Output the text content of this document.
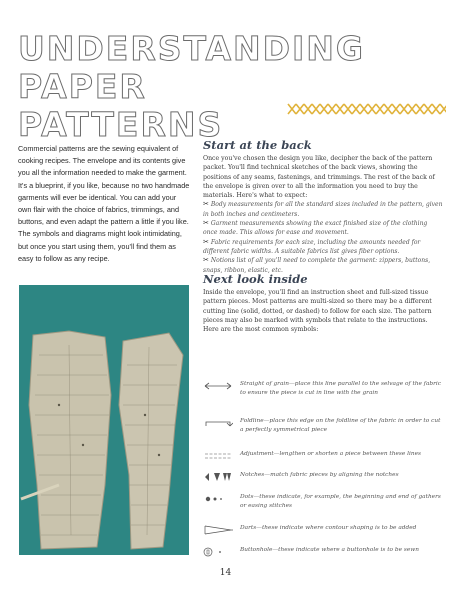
UNDERSTANDING
PAPER PATTERNS

Commercial patterns are the sewing equivalent of cooking recipes. The envelope and its contents give you all the information needed to make the garment. It's a blueprint, if you like, because no two handmade garments will ever be identical. You can add your own flair with the choice of fabrics, trimmings, and buttons, and even adapt the pattern a little if you like. The symbols and diagrams might look intimidating, but once you start using them, you'll find them as easy to follow as any recipe.

Start at the back

Once you've chosen the design you like, decipher the back of the pattern packet. You'll find technical sketches of the back views, showing the positions of any seams, fastenings, and trimmings. The rest of the back of the envelope is given over to all the information you need to buy the materials. Here's what to expect:

✂ Body measurements for all the standard sizes included in the pattern, given in both inches and centimeters.

✂ Garment measurements showing the exact finished size of the clothing once made. This allows for ease and movement.

✂ Fabric requirements for each size, including the amounts needed for different fabric widths. A suitable fabrics list gives fiber options.

✂ Notions list of all you'll need to complete the garment: zippers, buttons, snaps, ribbon, elastic, etc.

Next look inside

Inside the envelope, you'll find an instruction sheet and full-sized tissue pattern pieces. Most patterns are multi-sized so there may be a different cutting line (solid, dotted, or dashed) to follow for each size. The pattern pieces may also be marked with symbols that relate to the instructions. Here are the most common symbols:

Straight of grain—place this line parallel to the selvage of the fabric to ensure the piece is cut in line with the grain

Foldline—place this edge on the foldline of the fabric in order to cut a perfectly symmetrical piece

Adjustment—lengthen or shorten a piece between these lines

Notches—match fabric pieces by aligning the notches

Dots—these indicate, for example, the beginning and end of gathers or easing stitches

Darts—these indicate where contour shaping is to be added

Buttonhole—these indicate where a buttonhole is to be sewn

14
